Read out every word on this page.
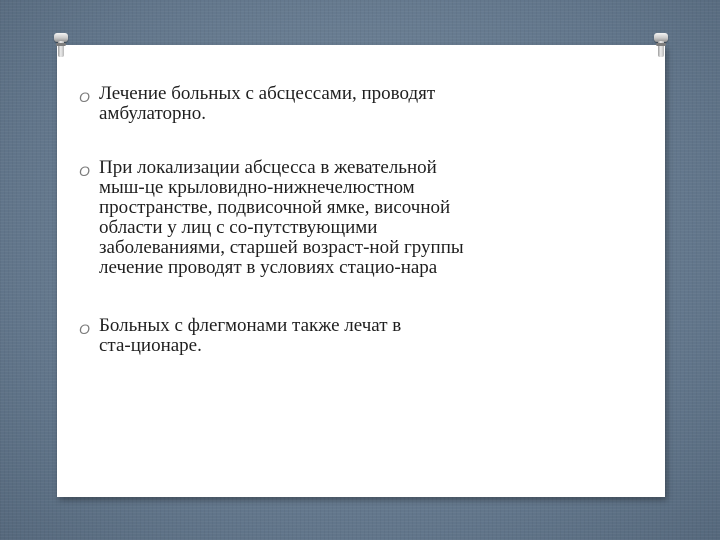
O Лечение больных с абсцессами, проводят
амбулаторно.
O При локализации абсцесса в жевательной
мыш-це крыловидно-нижнечелюстном
пространстве, подвисочной ямке, височной
области у лиц с со-путствующими
заболеваниями, старшей возраст-ной группы
лечение проводят в условиях стацио-нара
O Больных с флегмонами также лечат в
ста-ционаре.
